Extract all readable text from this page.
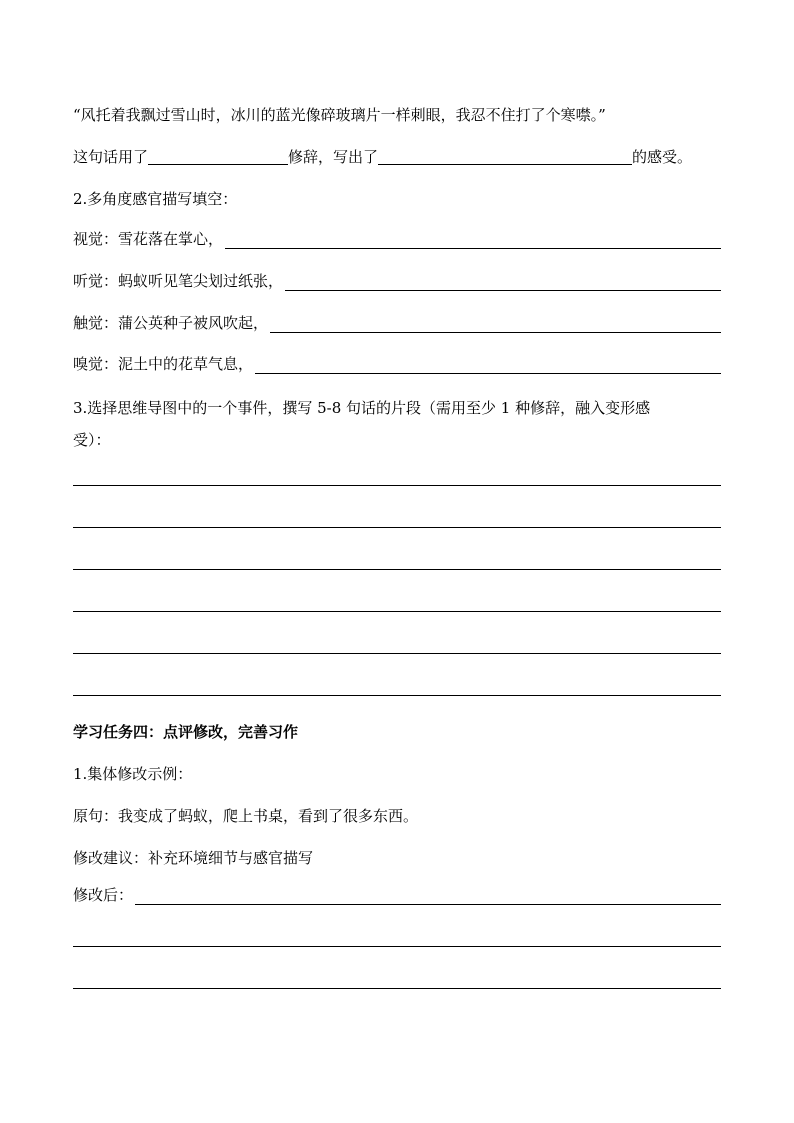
“风托着我飘过雪山时，冰川的蓝光像碎玻璃片一样刺眼，我忍不住打了个寒噤。”
这句话用了	修辞，写出了	的感受。
2.多角度感官描写填空：
视觉：雪花落在掌心，
听觉：蚂蚁听见笔尖划过纸张，
触觉：蒲公英种子被风吹起，
嗅觉：泥土中的花草气息，
3.选择思维导图中的一个事件，撰写 5-8 句话的片段（需用至少 1 种修辞，融入变形感
受）：
学习任务四：点评修改，完善习作
1.集体修改示例：
原句：我变成了蚂蚁，爬上书桌，看到了很多东西。
修改建议：补充环境细节与感官描写
修改后：
